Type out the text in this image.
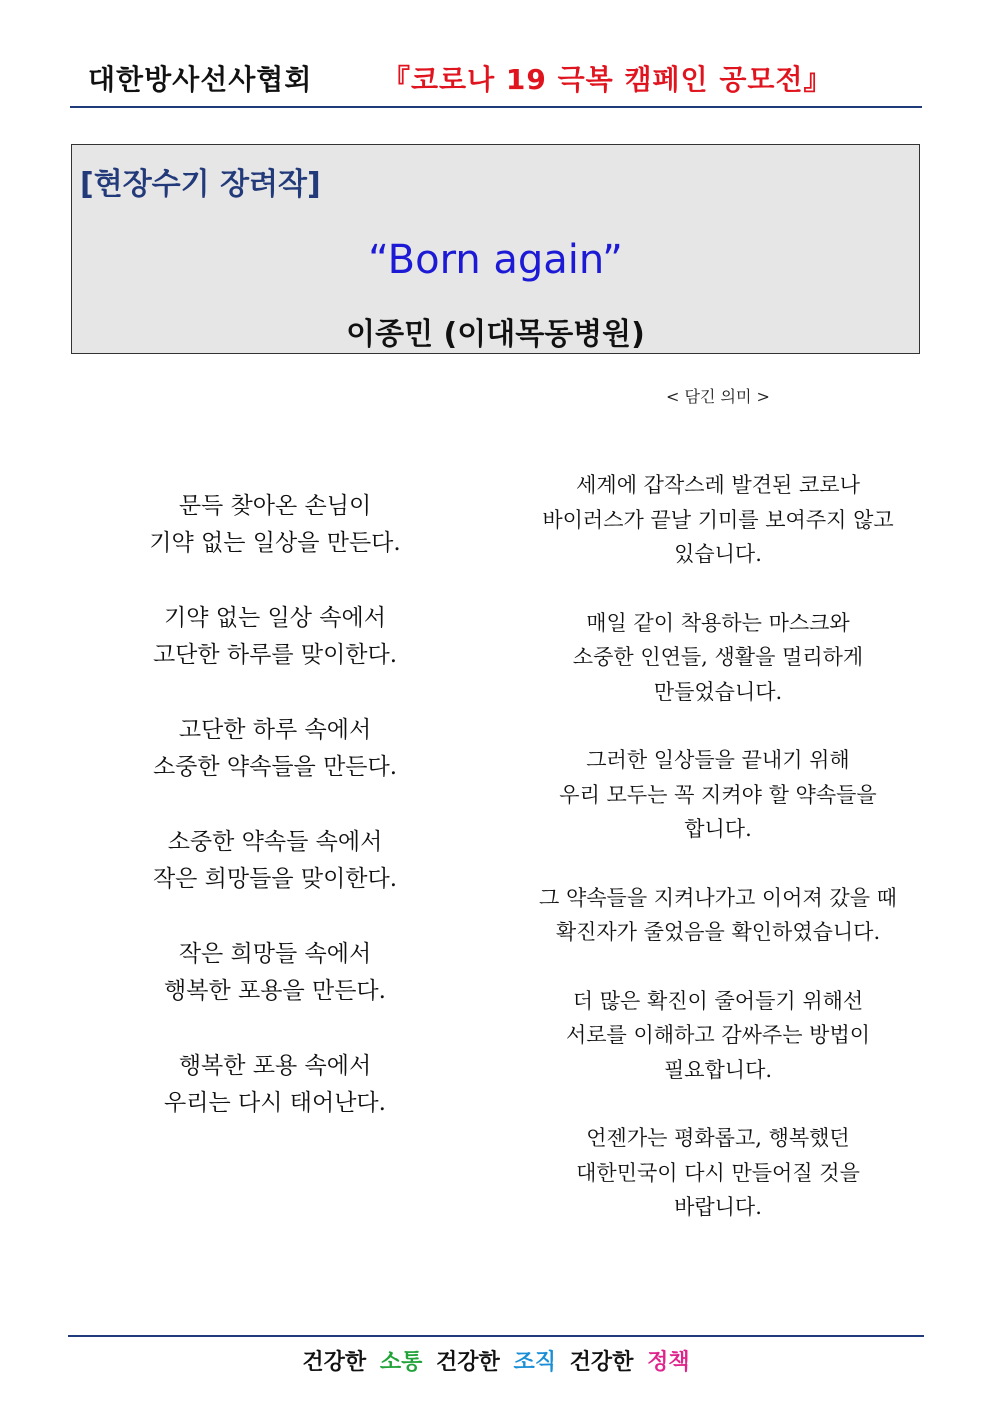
대한방사선사협회 『코로나 19 극복 캠페인 공모전』
[현장수기 장려작]
“Born again”
이종민 (이대목동병원)
< 담긴 의미 >
문득 찾아온 손님이
기약 없는 일상을 만든다.
기약 없는 일상 속에서
고단한 하루를 맞이한다.
고단한 하루 속에서
소중한 약속들을 만든다.
소중한 약속들 속에서
작은 희망들을 맞이한다.
작은 희망들 속에서
행복한 포용을 만든다.
행복한 포용 속에서
우리는 다시 태어난다.
세계에 갑작스레 발견된 코로나
바이러스가 끝날 기미를 보여주지 않고
있습니다.
매일 같이 착용하는 마스크와
소중한 인연들, 생활을 멀리하게
만들었습니다.
그러한 일상들을 끝내기 위해
우리 모두는 꼭 지켜야 할 약속들을
합니다.
그 약속들을 지켜나가고 이어져 갔을 때
확진자가 줄었음을 확인하였습니다.
더 많은 확진이 줄어들기 위해선
서로를 이해하고 감싸주는 방법이
필요합니다.
언젠가는 평화롭고, 행복했던
대한민국이 다시 만들어질 것을
바랍니다.
건강한 소통 건강한 조직 건강한 정책
